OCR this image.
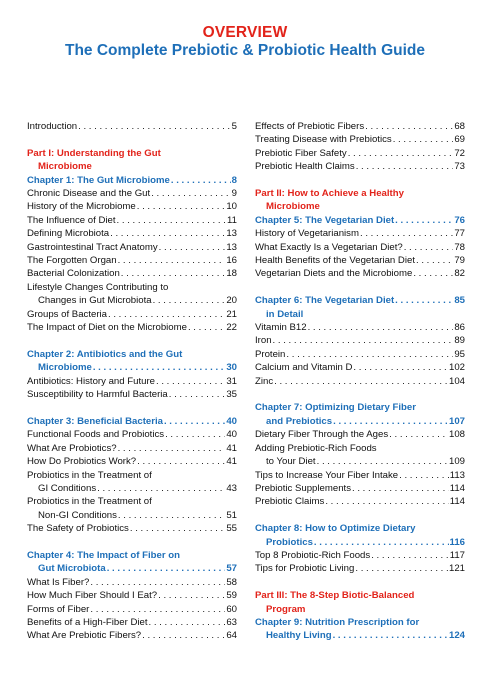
OVERVIEW
The Complete Prebiotic & Probiotic Health Guide
Introduction . . .	5
Part I: Understanding the Gut
Microbiome
Chapter 1: The Gut Microbiome . . .	8
Chronic Disease and the Gut . . .	9
History of the Microbiome . . .	10
The Influence of Diet . . .	11
Defining Microbiota . . .	13
Gastrointestinal Tract Anatomy . . .	13
The Forgotten Organ . . .	16
Bacterial Colonization . . .	18
Lifestyle Changes Contributing to
Changes in Gut Microbiota . . .	20
Groups of Bacteria . . .	21
The Impact of Diet on the Microbiome . . .	22
Chapter 2: Antibiotics and the Gut
Microbiome . . .	30
Antibiotics: History and Future . . .	31
Susceptibility to Harmful Bacteria . . .	35
Chapter 3: Beneficial Bacteria . . .	40
Functional Foods and Probiotics . . .	40
What Are Probiotics? . . .	41
How Do Probiotics Work? . . .	41
Probiotics in the Treatment of
GI Conditions . . .	43
Probiotics in the Treatment of
Non-GI Conditions . . .	51
The Safety of Probiotics . . .	55
Chapter 4: The Impact of Fiber on
Gut Microbiota . . .	57
What Is Fiber? . . .	58
How Much Fiber Should I Eat? . . .	59
Forms of Fiber . . .	60
Benefits of a High-Fiber Diet . . .	63
What Are Prebiotic Fibers? . . .	64
Effects of Prebiotic Fibers . . .	68
Treating Disease with Prebiotics . . .	69
Prebiotic Fiber Safety . . .	72
Prebiotic Health Claims . . .	73
Part II: How to Achieve a Healthy
Microbiome
Chapter 5: The Vegetarian Diet . . .	76
History of Vegetarianism . . .	77
What Exactly Is a Vegetarian Diet? . . .	78
Health Benefits of the Vegetarian Diet . . .	79
Vegetarian Diets and the Microbiome . . .	82
Chapter 6: The Vegetarian Diet . . .	85
in Detail
Vitamin B12 . . .	86
Iron . . .	89
Protein . . .	95
Calcium and Vitamin D . . .	102
Zinc . . .	104
Chapter 7: Optimizing Dietary Fiber
and Prebiotics . . .	107
Dietary Fiber Through the Ages . . .	108
Adding Prebiotic-Rich Foods
to Your Diet . . .	109
Tips to Increase Your Fiber Intake . . .	113
Prebiotic Supplements . . .	114
Prebiotic Claims . . .	114
Chapter 8: How to Optimize Dietary
Probiotics . . .	116
Top 8 Probiotic-Rich Foods . . .	117
Tips for Probiotic Living . . .	121
Part III: The 8-Step Biotic-Balanced
Program
Chapter 9: Nutrition Prescription for
Healthy Living . . .	124
